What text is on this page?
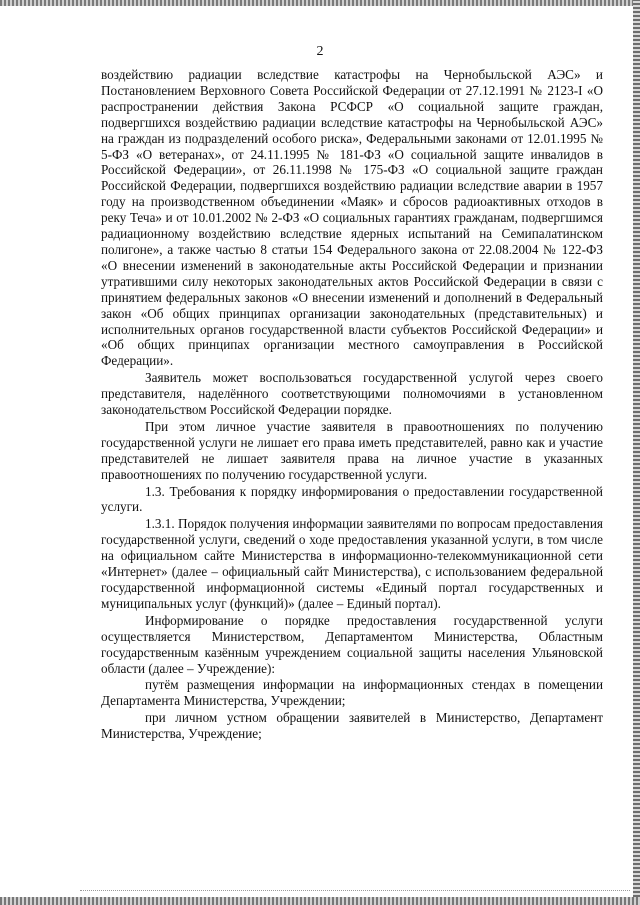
2

воздействию радиации вследствие катастрофы на Чернобыльской АЭС» и Постановлением Верховного Совета Российской Федерации от 27.12.1991 № 2123-I «О распространении действия Закона РСФСР «О социальной защите граждан, подвергшихся воздействию радиации вследствие катастрофы на Чернобыльской АЭС» на граждан из подразделений особого риска», Федеральными законами от 12.01.1995 № 5-ФЗ «О ветеранах», от 24.11.1995 № 181-ФЗ «О социальной защите инвалидов в Российской Федерации», от 26.11.1998 № 175-ФЗ «О социальной защите граждан Российской Федерации, подвергшихся воздействию радиации вследствие аварии в 1957 году на производственном объединении «Маяк» и сбросов радиоактивных отходов в реку Теча» и от 10.01.2002 № 2-ФЗ «О социальных гарантиях гражданам, подвергшимся радиационному воздействию вследствие ядерных испытаний на Семипалатинском полигоне», а также частью 8 статьи 154 Федерального закона от 22.08.2004 № 122-ФЗ «О внесении изменений в законодательные акты Российской Федерации и признании утратившими силу некоторых законодательных актов Российской Федерации в связи с принятием федеральных законов «О внесении изменений и дополнений в Федеральный закон «Об общих принципах организации законодательных (представительных) и исполнительных органов государственной власти субъектов Российской Федерации» и «Об общих принципах организации местного самоуправления в Российской Федерации».

Заявитель может воспользоваться государственной услугой через своего представителя, наделённого соответствующими полномочиями в установленном законодательством Российской Федерации порядке.

При этом личное участие заявителя в правоотношениях по получению государственной услуги не лишает его права иметь представителей, равно как и участие представителей не лишает заявителя права на личное участие в указанных правоотношениях по получению государственной услуги.

1.3. Требования к порядку информирования о предоставлении государственной услуги.

1.3.1. Порядок получения информации заявителями по вопросам предоставления государственной услуги, сведений о ходе предоставления указанной услуги, в том числе на официальном сайте Министерства в информационно-телекоммуникационной сети «Интернет» (далее – официальный сайт Министерства), с использованием федеральной государственной информационной системы «Единый портал государственных и муниципальных услуг (функций)» (далее – Единый портал).

Информирование о порядке предоставления государственной услуги осуществляется Министерством, Департаментом Министерства, Областным государственным казённым учреждением социальной защиты населения Ульяновской области (далее – Учреждение):

путём размещения информации на информационных стендах в помещении Департамента Министерства, Учреждении;

при личном устном обращении заявителей в Министерство, Департамент Министерства, Учреждение;
